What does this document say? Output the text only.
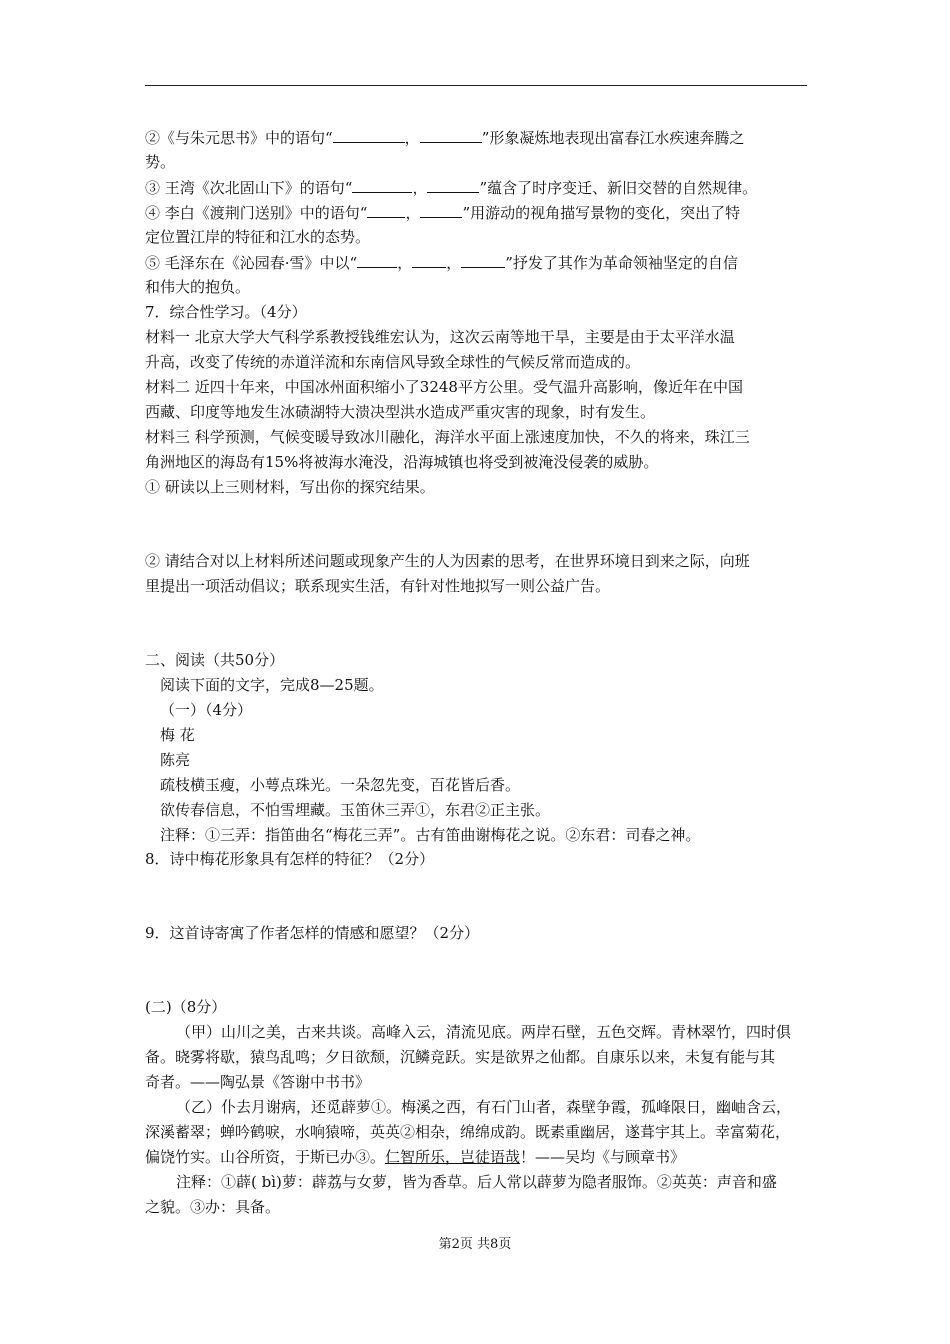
②《与朱元思书》中的语句“	，	”形象凝炼地表现出富春江水疾速奔腾之
势。
③ 王湾《次北固山下》的语句“	，	”蕴含了时序变迁、新旧交替的自然规律。
④ 李白《渡荆门送别》中的语句“	，	”用游动的视角描写景物的变化，突出了特
定位置江岸的特征和江水的态势。
⑤ 毛泽东在《沁园春·雪》中以“	， ，	”抒发了其作为革命领袖坚定的自信
和伟大的抱负。
7．综合性学习。（4分）
材料一 北京大学大气科学系教授钱维宏认为，这次云南等地干旱，主要是由于太平洋水温
升高，改变了传统的赤道洋流和东南信风导致全球性的气候反常而造成的。
材料二 近四十年来，中国冰州面积缩小了3248平方公里。受气温升高影响，像近年在中国
西藏、印度等地发生冰碛湖特大溃决型洪水造成严重灾害的现象，时有发生。
材料三 科学预测，气候变暖导致冰川融化，海洋水平面上涨速度加快，不久的将来，珠江三
角洲地区的海岛有15%将被海水淹没，沿海城镇也将受到被淹没侵袭的威胁。
① 研读以上三则材料，写出你的探究结果。
② 请结合对以上材料所述问题或现象产生的人为因素的思考，在世界环境日到来之际，向班
里提出一项活动倡议；联系现实生活，有针对性地拟写一则公益广告。
二、阅读（共50分）
阅读下面的文字，完成8—25题。
（一）（4分）
梅 花
陈亮
疏枝横玉瘦，小萼点珠光。一朵忽先变，百花皆后香。
欲传春信息，不怕雪埋藏。玉笛休三弄①，东君②正主张。
注释：①三弄：指笛曲名“梅花三弄”。古有笛曲谢梅花之说。②东君：司春之神。
8．诗中梅花形象具有怎样的特征？（2分）
9．这首诗寄寓了作者怎样的情感和愿望？（2分）
(二)（8分）
（甲）山川之美，古来共谈。高峰入云，清流见底。两岸石壁，五色交辉。青林翠竹，四时俱
备。晓雾将歇，猿鸟乱鸣；夕日欲颓，沉鳞竞跃。实是欲界之仙都。自康乐以来，未复有能与其
奇者。——陶弘景《答谢中书书》
（乙）仆去月谢病，还觅薜萝①。梅溪之西，有石门山者，森壁争霞，孤峰限日，幽岫含云，
深溪蓄翠；蝉吟鹤唳，水响猿啼，英英②相杂，绵绵成韵。既素重幽居，遂葺宇其上。幸富菊花，
偏饶竹实。山谷所资，于斯已办③。仁智所乐，岂徒语哉！——吴均《与顾章书》
注释：①薜( bì)萝：薜荔与女萝，皆为香草。后人常以薜萝为隐者服饰。②英英：声音和盛
之貌。③办：具备。
第2页 共8页
